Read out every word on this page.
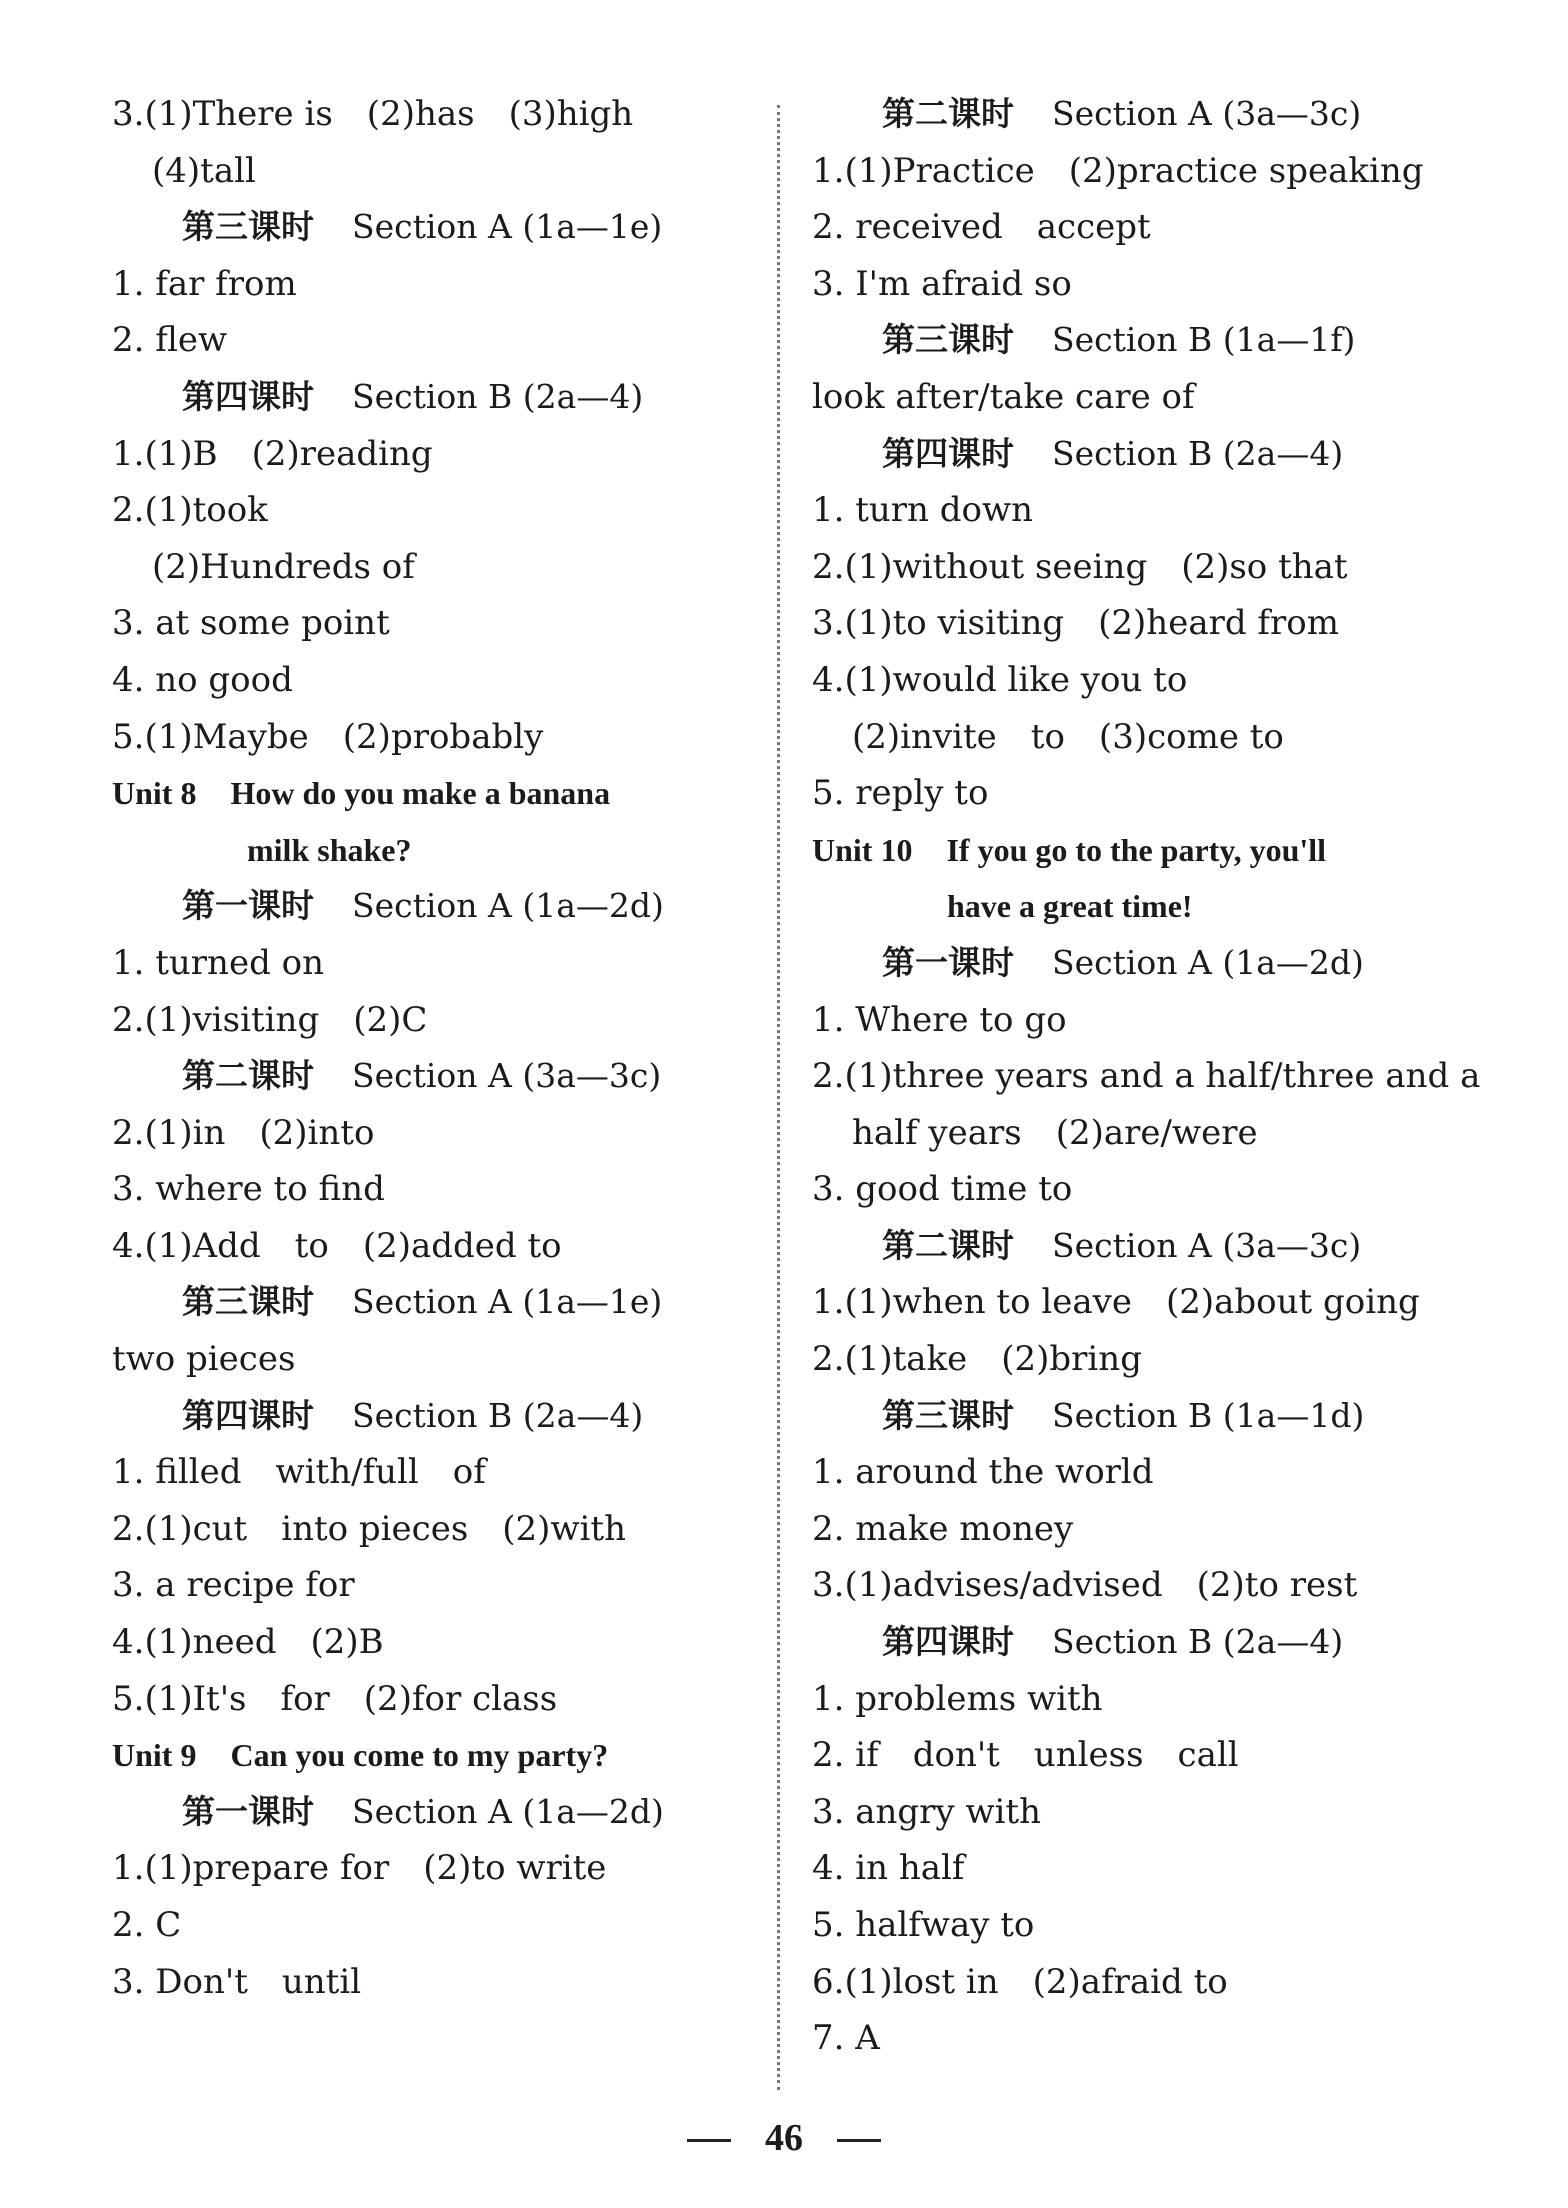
3.(1)There is　(2)has　(3)high
(4)tall
第三课时 Section A (1a—1e)
1. far from
2. flew
第四课时 Section B (2a—4)
1.(1)B　(2)reading
2.(1)took
(2)Hundreds of
3. at some point
4. no good
5.(1)Maybe　(2)probably
Unit 8 How do you make a banana
milk shake?
第一课时 Section A (1a—2d)
1. turned on
2.(1)visiting　(2)C
第二课时 Section A (3a—3c)
2.(1)in　(2)into
3. where to find
4.(1)Add　to　(2)added to
第三课时 Section A (1a—1e)
two pieces
第四课时 Section B (2a—4)
1. filled　with/full　of
2.(1)cut　into pieces　(2)with
3. a recipe for
4.(1)need　(2)B
5.(1)It's　for　(2)for class
Unit 9 Can you come to my party?
第一课时 Section A (1a—2d)
1.(1)prepare for　(2)to write
2. C
3. Don't　until
第二课时 Section A (3a—3c)
1.(1)Practice　(2)practice speaking
2. received　accept
3. I'm afraid so
第三课时 Section B (1a—1f)
look after/take care of
第四课时 Section B (2a—4)
1. turn down
2.(1)without seeing　(2)so that
3.(1)to visiting　(2)heard from
4.(1)would like you to
(2)invite　to　(3)come to
5. reply to
Unit 10 If you go to the party, you'll
have a great time!
第一课时 Section A (1a—2d)
1. Where to go
2.(1)three years and a half/three and a
half years　(2)are/were
3. good time to
第二课时 Section A (3a—3c)
1.(1)when to leave　(2)about going
2.(1)take　(2)bring
第三课时 Section B (1a—1d)
1. around the world
2. make money
3.(1)advises/advised　(2)to rest
第四课时 Section B (2a—4)
1. problems with
2. if　don't　unless　call
3. angry with
4. in half
5. halfway to
6.(1)lost in　(2)afraid to
7. A
46
